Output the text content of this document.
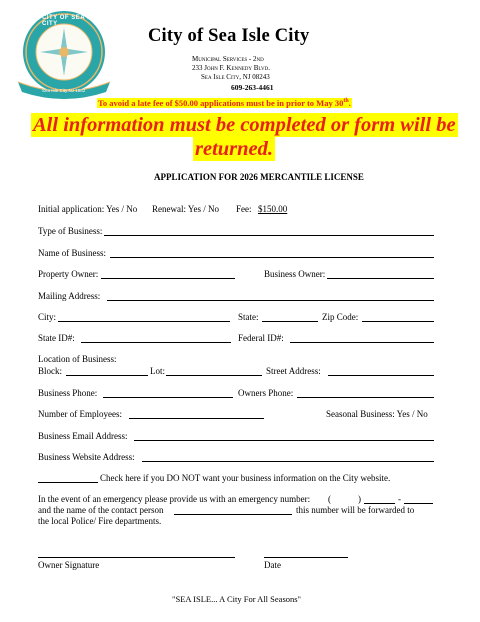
CITY OF SEA ISLE CITY
Sea Isle City NJ 1882
City of Sea Isle City
Municipal Services - 2nd
233 John F. Kennedy Blvd.
Sea Isle City, NJ 08243
609-263-4461
To avoid a late fee of $50.00 applications must be in prior to May 30th.
All information must be completed or form will be
returned.
APPLICATION FOR 2026 MERCANTILE LICENSE
Initial application: Yes / No Renewal: Yes / No Fee: $150.00
Type of Business:
Name of Business:
Property Owner:	Business Owner:
Mailing Address:
City:	State:	Zip Code:
State ID#:	Federal ID#:
Location of Business:
Block:	Lot:	Street Address:
Business Phone:	Owners Phone:
Number of Employees:	Seasonal Business: Yes / No
Business Email Address:
Business Website Address:
Check here if you DO NOT want your business information on the City website.
In the event of an emergency please provide us with an emergency number: (	)	-
and the name of the contact person	this number will be forwarded to
the local Police/ Fire departments.
Owner Signature	Date
"SEA ISLE... A City For All Seasons"
